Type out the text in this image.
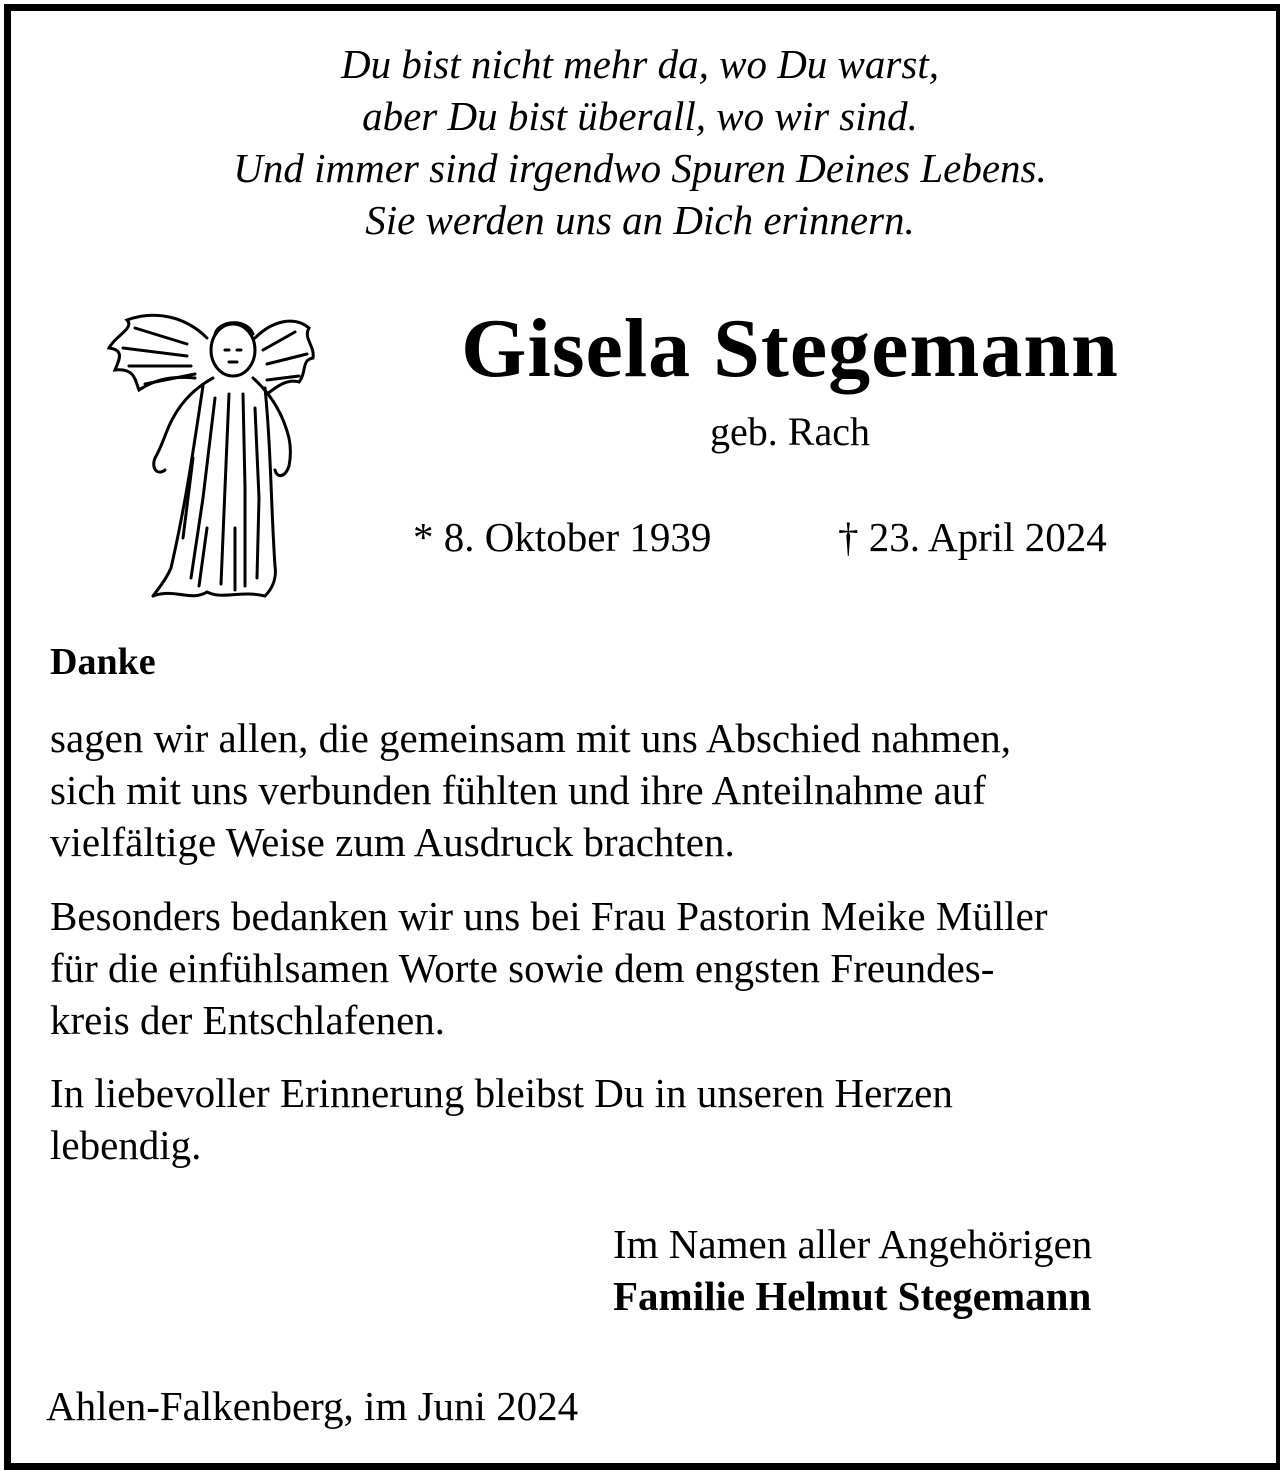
Du bist nicht mehr da, wo Du warst,
aber Du bist überall, wo wir sind.
Und immer sind irgendwo Spuren Deines Lebens.
Sie werden uns an Dich erinnern.
Gisela Stegemann
geb. Rach
* 8. Oktober 1939	† 23. April 2024
Danke
sagen wir allen, die gemeinsam mit uns Abschied nahmen,
sich mit uns verbunden fühlten und ihre Anteilnahme auf
vielfältige Weise zum Ausdruck brachten.
Besonders bedanken wir uns bei Frau Pastorin Meike Müller
für die einfühlsamen Worte sowie dem engsten Freundes-
kreis der Entschlafenen.
In liebevoller Erinnerung bleibst Du in unseren Herzen
lebendig.
Im Namen aller Angehörigen
Familie Helmut Stegemann
Ahlen-Falkenberg, im Juni 2024
